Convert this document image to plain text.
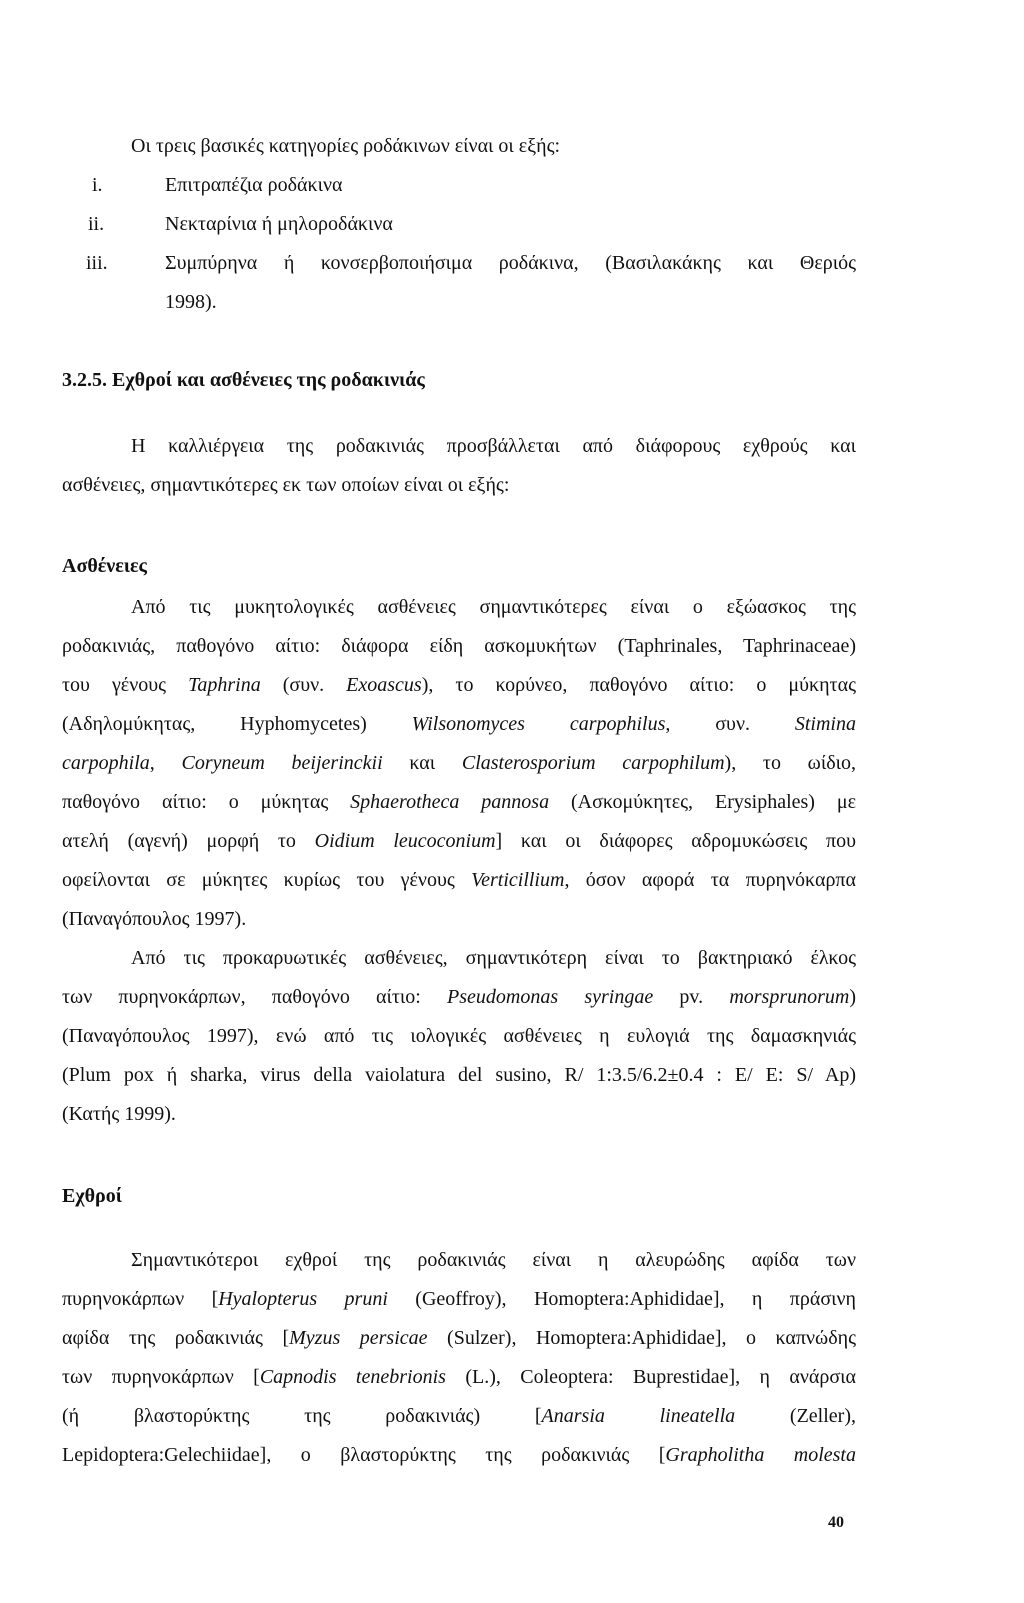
Οι τρεις βασικές κατηγορίες ροδάκινων είναι οι εξής:
i.	Επιτραπέζια ροδάκινα
ii.	Νεκταρίνια ή μηλοροδάκινα
iii.	Συμπύρηνα ή κονσερβοποιήσιμα ροδάκινα, (Βασιλακάκης και Θεριός
1998).
3.2.5. Εχθροί και ασθένειες της ροδακινιάς
Η καλλιέργεια της ροδακινιάς προσβάλλεται από διάφορους εχθρούς και
ασθένειες, σημαντικότερες εκ των οποίων είναι οι εξής:
Ασθένειες
Από τις μυκητολογικές ασθένειες σημαντικότερες είναι ο εξώασκος της
ροδακινιάς, παθογόνο αίτιο: διάφορα είδη ασκομυκήτων (Taphrinales, Taphrinaceae)
του γένους Taphrina (συν. Exoascus), το κορύνεο, παθογόνο αίτιο: ο μύκητας
(Αδηλομύκητας, Hyphomycetes) Wilsonomyces carpophilus, συν. Stimina
carpophila, Coryneum beijerinckii και Clasterosporium carpophilum), το ωίδιο,
παθογόνο αίτιο: ο μύκητας Sphaerotheca pannosa (Ασκομύκητες, Erysiphales) με
ατελή (αγενή) μορφή το Oidium leucoconium] και οι διάφορες αδρομυκώσεις που
οφείλονται σε μύκητες κυρίως του γένους Verticillium, όσον αφορά τα πυρηνόκαρπα
(Παναγόπουλος 1997).
Από τις προκαρυωτικές ασθένειες, σημαντικότερη είναι το βακτηριακό έλκος
των πυρηνοκάρπων, παθογόνο αίτιο: Pseudomonas syringae pv. morsprunorum)
(Παναγόπουλος 1997), ενώ από τις ιολογικές ασθένειες η ευλογιά της δαμασκηνιάς
(Plum pox ή sharka, virus della vaiolatura del susino, R/ 1:3.5/6.2±0.4 : E/ E: S/ Ap)
(Κατής 1999).
Εχθροί
Σημαντικότεροι εχθροί της ροδακινιάς είναι η αλευρώδης αφίδα των
πυρηνοκάρπων [Hyalopterus pruni (Geoffroy), Homoptera:Aphididae], η πράσινη
αφίδα της ροδακινιάς [Myzus persicae (Sulzer), Homoptera:Aphididae], ο καπνώδης
των πυρηνοκάρπων [Capnodis tenebrionis (L.), Coleoptera: Buprestidae], η ανάρσια
(ή βλαστορύκτης της ροδακινιάς) [Anarsia lineatella (Zeller),
Lepidoptera:Gelechiidae], ο βλαστορύκτης της ροδακινιάς [Grapholitha molesta
40
